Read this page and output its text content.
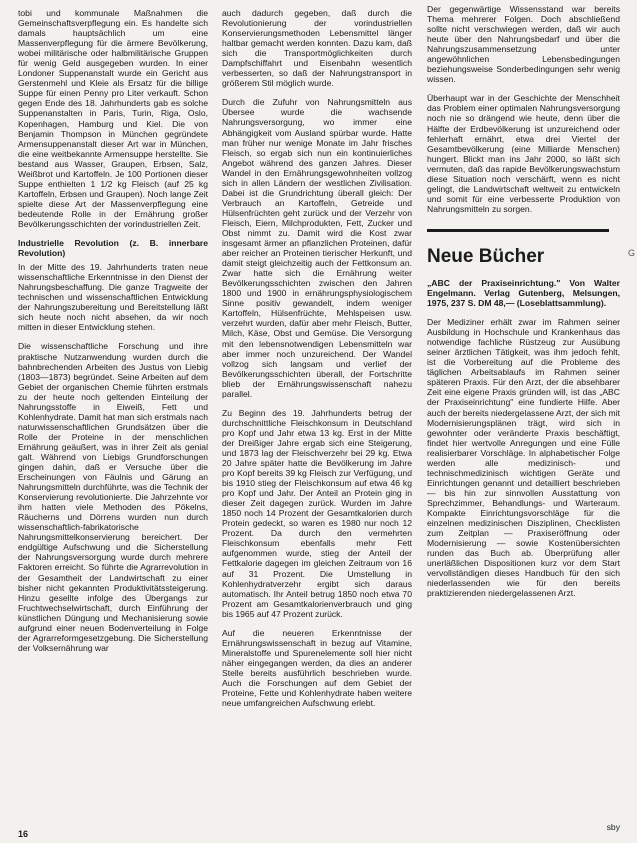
tobi und kommunale Maßnahmen die Gemeinschaftsverpflegung ein. Es handelte sich damals hauptsächlich um eine Massenverpflegung für die ärmere Bevölkerung, wobei militärische oder halbmilitärische Gruppen für wenig Geld ausgegeben wurden. In einer Londoner Suppenanstalt wurde ein Gericht aus Gerstenmehl und Kleie als Ersatz für die billige Suppe für einen Penny pro Liter verkauft. Schon gegen Ende des 18. Jahrhunderts gab es solche Suppenanstalten in Paris, Turin, Riga, Oslo, Kopenhagen, Hamburg und Kiel. Die von Benjamin Thompson in München gegründete Armensuppenanstalt dieser Art war in München, die eine weitbekannte Armensuppe herstellte. Sie bestand aus Wasser, Graupen, Erbsen, Salz, Weißbrot und Kartoffeln. Je 100 Portionen dieser Suppe enthielten 1 1/2 kg Fleisch (auf 25 kg Kartoffeln, Erbsen und Graupen). Noch lange Zeit spielte diese Art der Massenverpflegung eine bedeutende Rolle in der Ernährung großer Bevölkerungsschichten der vorindustriellen Zeit.

Industrielle Revolution (z. B. innerbare Revolution)

In der Mitte des 19. Jahrhunderts traten neue wissenschaftliche Erkenntnisse in den Dienst der Nahrungsbeschaffung. Die ganze Tragweite der technischen und wissenschaftlichen Entwicklung der Nahrungszubereitung und Bereitstellung läßt sich heute noch nicht absehen, da wir noch mitten in dieser Entwicklung stehen.

Die wissenschaftliche Forschung und ihre praktische Nutzanwendung wurden durch die bahnbrechenden Arbeiten des Justus von Liebig (1803—1873) begründet. Seine Arbeiten auf dem Gebiet der organischen Chemie führten erstmals zu der heute noch geltenden Einteilung der Nahrungsstoffe in Eiweiß, Fett und Kohlenhydrate. Damit hat man sich erstmals nach naturwissenschaftlichen Grundsätzen über die Rolle der Proteine in der menschlichen Ernährung geäußert, was in ihrer Zeit als genial galt. Während von Liebigs Grundforschungen gingen dahin, daß er Versuche über die Erscheinungen von Fäulnis und Gärung an Nahrungsmitteln durchführte, was die Technik der Konservierung revolutionierte. Die Jahrzehnte vor ihm hatten viele Methoden des Pökelns, Räucherns und Dörrens wurden nun durch wissenschaftlich-fabrikatorische Nahrungsmittelkonservierung bereichert. Der endgültige Aufschwung und die Sicherstellung der Nahrungsversorgung wurde durch mehrere Faktoren erreicht. So führte die Agrarrevolution in der Gesamtheit der Landwirtschaft zu einer bisher nicht gekannten Produktivitätssteigerung. Hinzu gesellte infolge des Übergangs zur Fruchtwechselwirtschaft, durch Einführung der künstlichen Düngung und Mechanisierung sowie aufgrund einer neuen Bodenverteilung in Folge der Agrarreformgesetzgebung. Die Sicherstellung der Volksernährung war

auch dadurch gegeben, daß durch die Revolutionierung der vorindustriellen Konservierungsmethoden Lebensmittel länger haltbar gemacht werden konnten. Dazu kam, daß sich die Transportmöglichkeiten durch Dampfschiffahrt und Eisenbahn wesentlich verbesserten, so daß der Nahrungstransport in größerem Stil möglich wurde.

Durch die Zufuhr von Nahrungsmitteln aus Übersee wurde die wachsende Nahrungsversorgung, wo immer eine Abhängigkeit vom Ausland spürbar wurde. Hatte man früher nur wenige Monate im Jahr frisches Fleisch, so ergab sich nun ein kontinuierliches Angebot während des ganzen Jahres. Dieser Wandel in den Ernährungsgewohnheiten vollzog sich in allen Ländern der westlichen Zivilisation. Dabei ist die Grundrichtung überall gleich: Der Verbrauch an Kartoffeln, Getreide und Hülsenfrüchten geht zurück und der Verzehr von Fleisch, Eiern, Milchprodukten, Fett, Zucker und Obst nimmt zu. Damit wird die Kost zwar insgesamt ärmer an pflanzlichen Proteinen, dafür aber reicher an Proteinen tierischer Herkunft, und damit steigt gleichzeitig auch der Fettkonsum an. Zwar hatte sich die Ernährung weiter Bevölkerungsschichten zwischen den Jahren 1800 und 1900 in ernährungsphysiologischem Sinne positiv gewandelt, indem weniger Kartoffeln, Hülsenfrüchte, Mehlspeisen usw. verzehrt wurden, dafür aber mehr Fleisch, Butter, Milch, Käse, Obst und Gemüse. Die Versorgung mit den lebensnotwendigen Lebensmitteln war aber immer noch unzureichend. Der Wandel vollzog sich langsam und verlief der Bevölkerungsschichten überall, der Fortschritte blieb der Ernährungswissenschaft nahezu parallel.

Zu Beginn des 19. Jahrhunderts betrug der durchschnittliche Fleischkonsum in Deutschland pro Kopf und Jahr etwa 13 kg. Erst in der Mitte der Dreißiger Jahre ergab sich eine Steigerung, und 1873 lag der Fleischverzehr bei 29 kg. Etwa 20 Jahre später hatte die Bevölkerung im Jahre pro Kopf bereits 39 kg Fleisch zur Verfügung, und bis 1910 stieg der Fleischkonsum auf etwa 46 kg pro Kopf und Jahr. Der Anteil an Protein ging in dieser Zeit dagegen zurück. Wurden im Jahre 1850 noch 14 Prozent der Gesamtkalorien durch Protein gedeckt, so waren es 1980 nur noch 12 Prozent. Da durch den vermehrten Fleischkonsum ebenfalls mehr Fett aufgenommen wurde, stieg der Anteil der Fettkalorie dagegen im gleichen Zeitraum von 16 auf 31 Prozent. Die Umstellung in Kohlenhydratverzehr ergibt sich daraus automatisch. Ihr Anteil betrug 1850 noch etwa 70 Prozent am Gesamtkalorienverbrauch und ging bis 1965 auf 47 Prozent zurück.

Auf die neueren Erkenntnisse der Ernährungswissenschaft in bezug auf Vitamine, Mineralstoffe und Spurenelemente soll hier nicht näher eingegangen werden, da dies an anderer Stelle bereits ausführlich beschrieben wurde. Auch die Forschungen auf dem Gebiet der Proteine, Fette und Kohlenhydrate haben weitere neue umfangreichen Aufschwung erlebt.

Der gegenwärtige Wissensstand war bereits Thema mehrerer Folgen. Doch abschließend sollte nicht verschwiegen werden, daß wir auch heute über den Nahrungsbedarf und über die Nahrungszusammensetzung unter angewöhnlichen Lebensbedingungen beziehungsweise Sonderbedingungen sehr wenig wissen.

Überhaupt war in der Geschichte der Menschheit das Problem einer optimalen Nahrungsversorgung noch nie so drängend wie heute, denn über die Hälfte der Erdbevölkerung ist unzureichend oder fehlerhaft ernährt, etwa drei Viertel der Gesamtbevölkerung (eine Milliarde Menschen) hungert. Blickt man ins Jahr 2000, so läßt sich vermuten, daß das rapide Bevölkerungswachstum diese Situation noch verschärft, wenn es nicht gelingt, die Landwirtschaft weltweit zu entwickeln und somit für eine verbesserte Produktion von Nahrungsmitteln zu sorgen.

Neue Bücher

„ABC der Praxiseinrichtung." Von Walter Engelmann. Verlag Gutenberg, Melsungen, 1975, 237 S. DM 48,— (Loseblattsammlung).

Der Mediziner erhält zwar im Rahmen seiner Ausbildung in Hochschule und Krankenhaus das notwendige fachliche Rüstzeug zur Ausübung seiner ärztlichen Tätigkeit, was ihm jedoch fehlt, ist die Vorbereitung auf die Probleme des täglichen Arbeitsablaufs im Rahmen seiner späteren Praxis. Für den Arzt, der die absehbarer Zeit eine eigene Praxis gründen will, ist das „ABC der Praxiseinrichtung" eine fundierte Hilfe. Aber auch der bereits niedergelassene Arzt, der sich mit Modernisierungsplänen trägt, wird sich in gewohnter oder veränderte Praxis beschäftigt, findet hier wertvolle Anregungen und eine Fülle realisierbarer Vorschläge. In alphabetischer Folge werden alle medizinisch- und technischmedizinisch wichtigen Geräte und Einrichtungen genannt und detailliert beschrieben — bis hin zur sinnvollen Ausstattung von Sprechzimmer, Behandlungs- und Warteraum. Kompakte Einrichtungsvorschläge für die einzelnen medizinischen Disziplinen, Checklisten zum Zeitplan — Praxiseröffnung oder Modernisierung — sowie Kostenübersichten runden das Buch ab. Überprüfung aller unerläßlichen Dispositionen kurz vor dem Start vervollständigen dieses Handbuch für den sich niederlassenden wie für den bereits praktizierenden niedergelassenen Arzt.

sby
G
16
